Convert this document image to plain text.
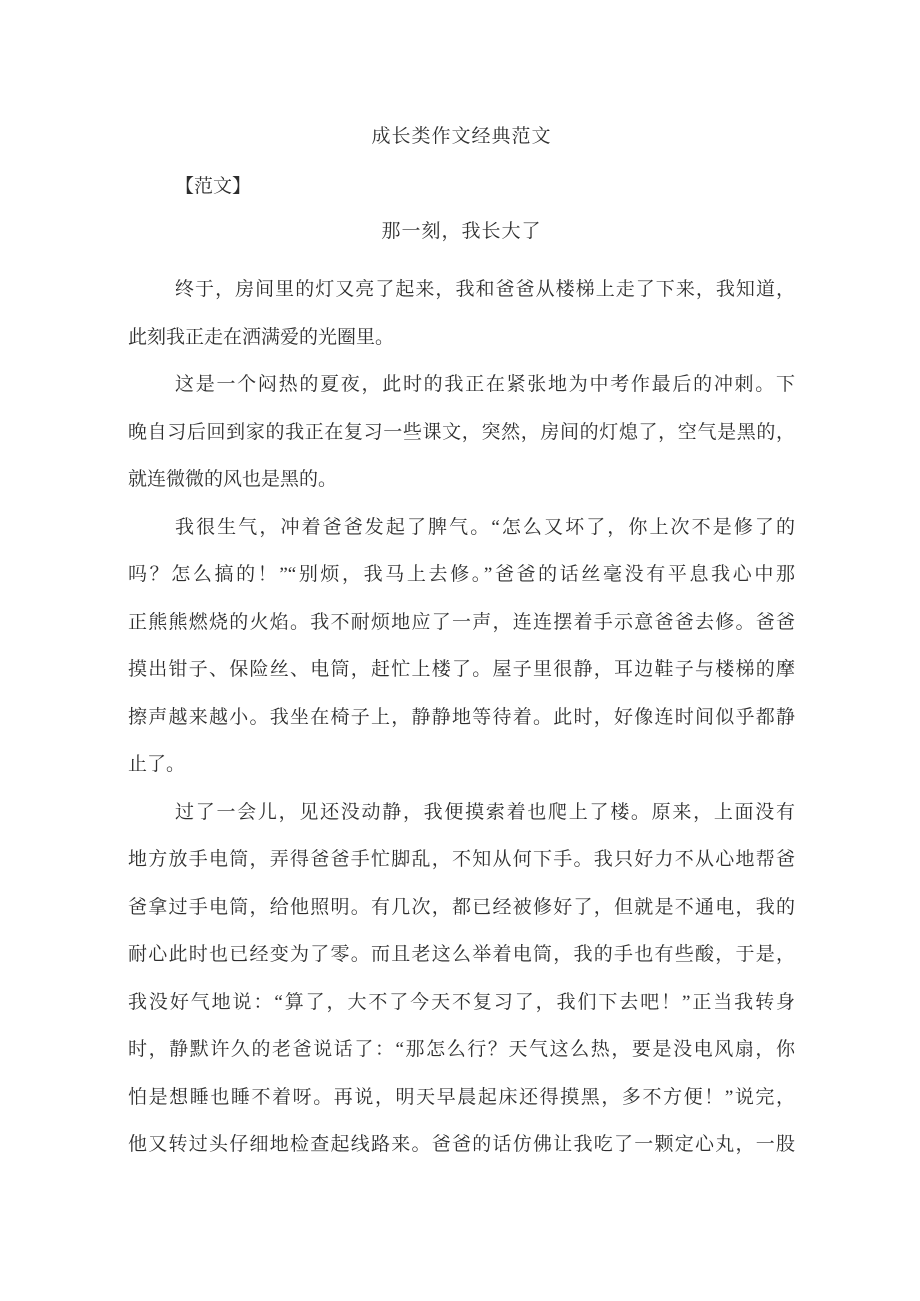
成长类作文经典范文
【范文】
那一刻，我长大了
终于，房间里的灯又亮了起来，我和爸爸从楼梯上走了下来，我知道，
此刻我正走在洒满爱的光圈里。
这是一个闷热的夏夜，此时的我正在紧张地为中考作最后的冲刺。下
晚自习后回到家的我正在复习一些课文，突然，房间的灯熄了，空气是黑的，
就连微微的风也是黑的。
我很生气，冲着爸爸发起了脾气。“怎么又坏了，你上次不是修了的
吗？怎么搞的！”“别烦，我马上去修。”爸爸的话丝毫没有平息我心中那
正熊熊燃烧的火焰。我不耐烦地应了一声，连连摆着手示意爸爸去修。爸爸
摸出钳子、保险丝、电筒，赶忙上楼了。屋子里很静，耳边鞋子与楼梯的摩
擦声越来越小。我坐在椅子上，静静地等待着。此时，好像连时间似乎都静
止了。
过了一会儿，见还没动静，我便摸索着也爬上了楼。原来，上面没有
地方放手电筒，弄得爸爸手忙脚乱，不知从何下手。我只好力不从心地帮爸
爸拿过手电筒，给他照明。有几次，都已经被修好了，但就是不通电，我的
耐心此时也已经变为了零。而且老这么举着电筒，我的手也有些酸，于是，
我没好气地说：“算了，大不了今天不复习了，我们下去吧！”正当我转身
时，静默许久的老爸说话了：“那怎么行？天气这么热，要是没电风扇，你
怕是想睡也睡不着呀。再说，明天早晨起床还得摸黑，多不方便！”说完，
他又转过头仔细地检查起线路来。爸爸的话仿佛让我吃了一颗定心丸，一股
